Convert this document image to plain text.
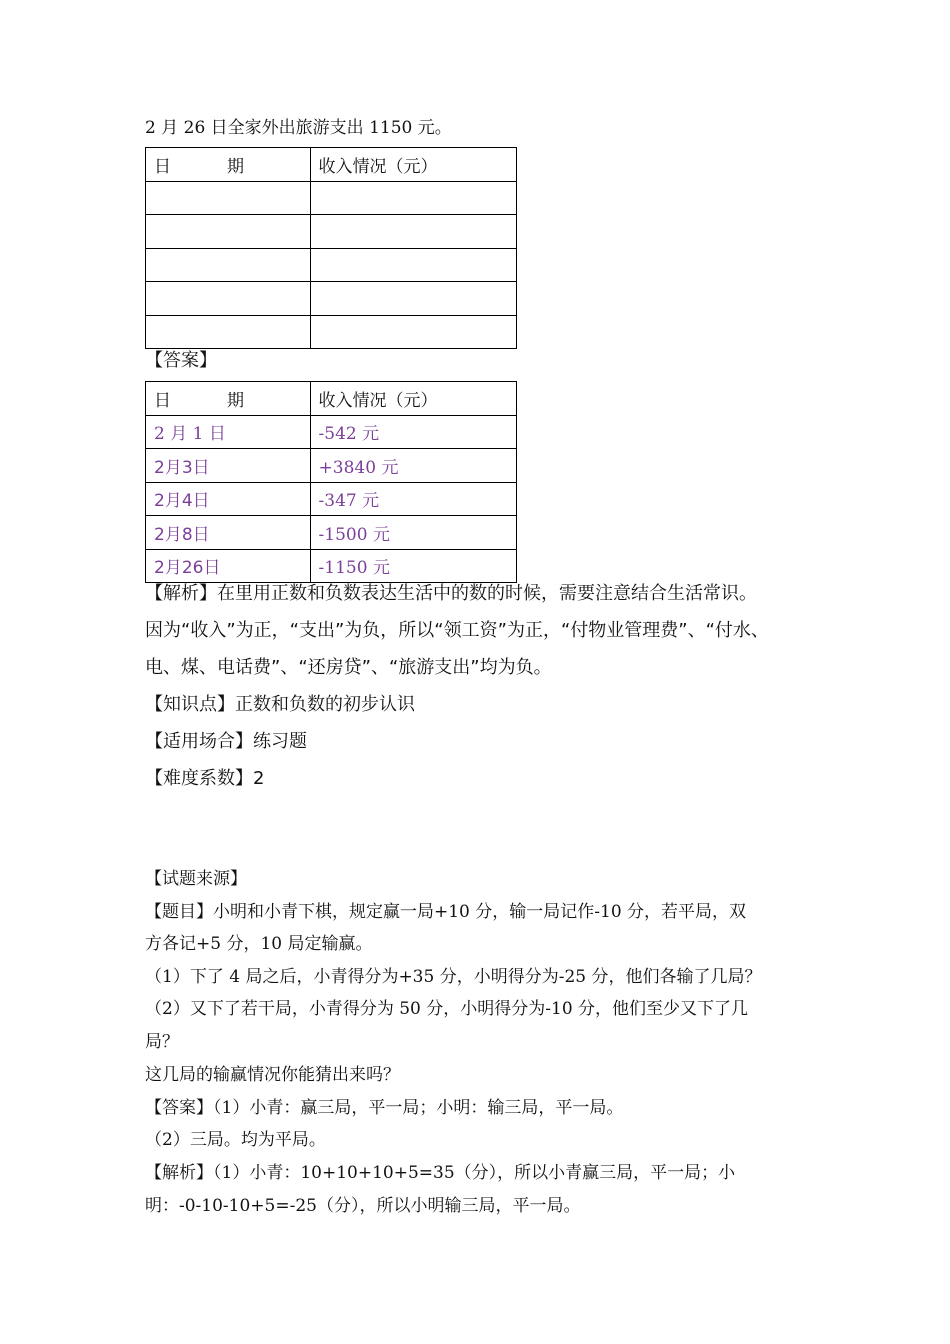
2 月 26 日全家外出旅游支出 1150 元。
日 期	收入情况（元）

【答案】
日 期	收入情况（元）
2 月 1 日	-542 元
2月3日	+3840 元
2月4日	-347 元
2月8日	-1500 元
2月26日	-1150 元
【解析】在里用正数和负数表达生活中的数的时候，需要注意结合生活常识。
因为“收入”为正，“支出”为负，所以“领工资”为正，“付物业管理费”、“付水、
电、煤、电话费”、“还房贷”、“旅游支出”均为负。
【知识点】正数和负数的初步认识
【适用场合】练习题
【难度系数】2
【试题来源】
【题目】小明和小青下棋，规定赢一局+10 分，输一局记作-10 分，若平局，双
方各记+5 分，10 局定输赢。
（1）下了 4 局之后，小青得分为+35 分，小明得分为-25 分，他们各输了几局？
（2）又下了若干局，小青得分为 50 分，小明得分为-10 分，他们至少又下了几
局？
这几局的输赢情况你能猜出来吗？
【答案】（1）小青：赢三局，平一局；小明：输三局，平一局。
（2）三局。均为平局。
【解析】（1）小青：10+10+10+5=35（分），所以小青赢三局，平一局；小
明：-0-10-10+5=-25（分），所以小明输三局，平一局。
